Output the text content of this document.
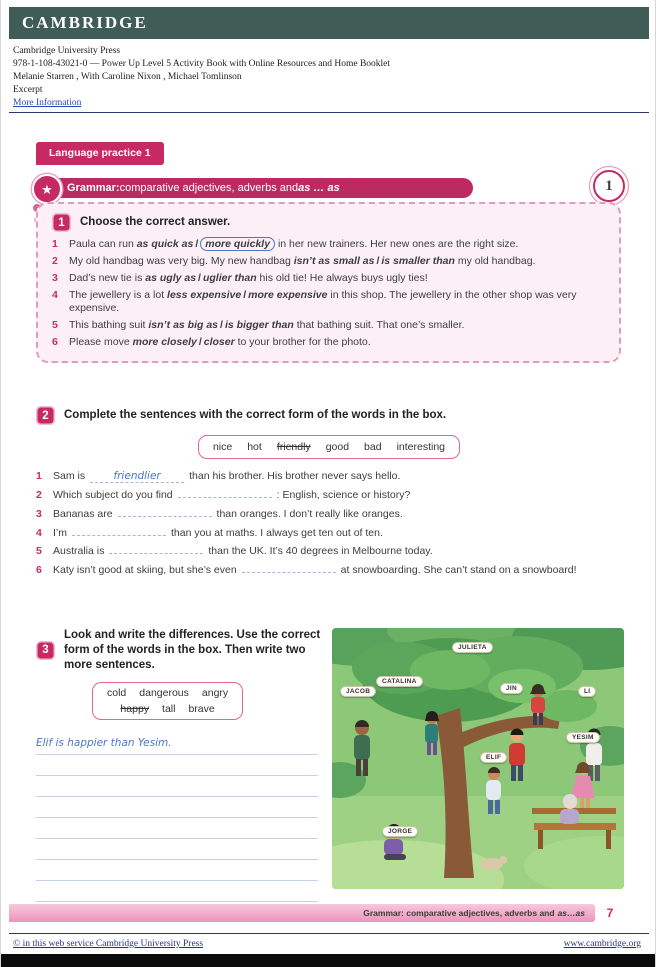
CAMBRIDGE
Cambridge University Press
978-1-108-43021-0 — Power Up Level 5 Activity Book with Online Resources and Home Booklet
Melanie Starren , With Caroline Nixon , Michael Tomlinson
Excerpt
More Information
Language practice 1
1
★	Grammar: comparative adjectives, adverbs and as … as
1	Choose the correct answer.
1	Paula can run as quick as / more quickly in her new trainers. Her new ones are the right size.
2	My old handbag was very big. My new handbag isn’t as small as / is smaller than my old handbag.
3	Dad’s new tie is as ugly as / uglier than his old tie! He always buys ugly ties!
4	The jewellery is a lot less expensive / more expensive in this shop. The jewellery in the other shop was very expensive.
5	This bathing suit isn’t as big as / is bigger than that bathing suit. That one’s smaller.
6	Please move more closely / closer to your brother for the photo.
2	Complete the sentences with the correct form of the words in the box.
nice hot friendly good bad interesting
1	Sam is	friendlier	than his brother. His brother never says hello.
2	Which subject do you find	: English, science or history?
3	Bananas are	than oranges. I don’t really like oranges.
4	I’m	than you at maths. I always get ten out of ten.
5	Australia is	than the UK. It’s 40 degrees in Melbourne today.
6	Katy isn’t good at skiing, but she’s even	at snowboarding. She can’t stand on a snowboard!
3
Look and write the differences. Use the correct form of the words in the box. Then write two more sentences.
cold dangerous angry
happy tall brave
Elif is happier than Yesim.
JULIETA
CATALINA
JACOB	JIN	LI
YESIM
ELIF
JORGE
Grammar: comparative adjectives, adverbs and as…as	7
© in this web service Cambridge University Press	www.cambridge.org
